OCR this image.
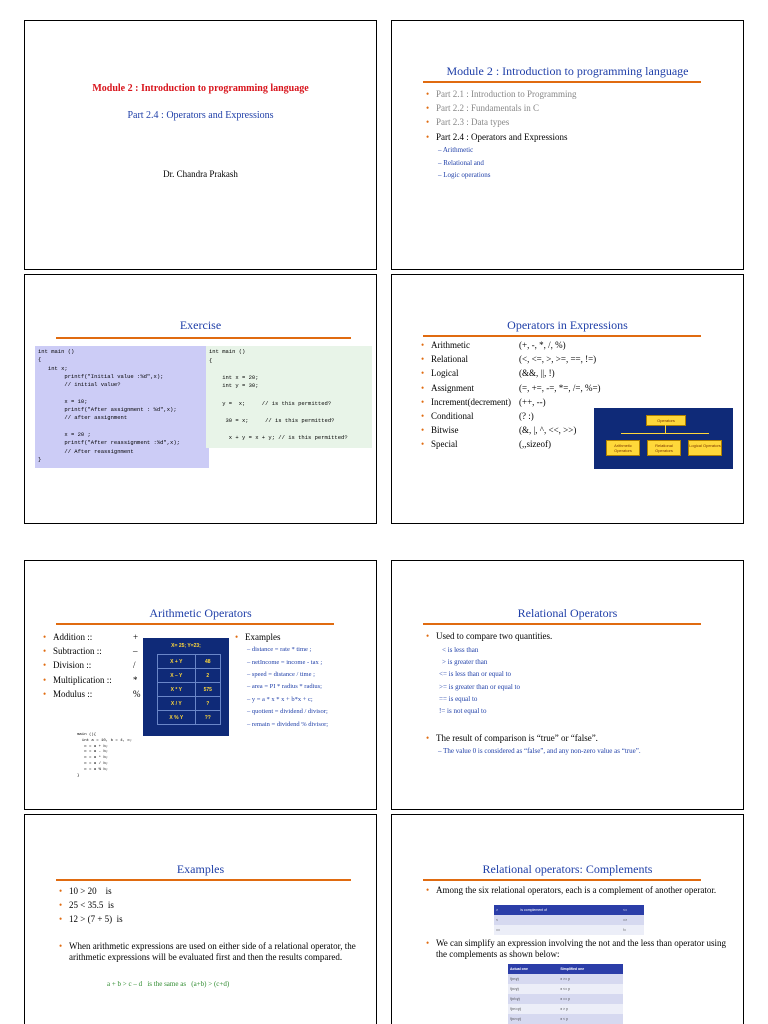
Module 2 : Introduction to programming language
Part 2.4 : Operators and Expressions
Dr. Chandra Prakash
Module 2 : Introduction to programming language
• Part 2.1 : Introduction to Programming
• Part 2.2 : Fundamentals in C
• Part 2.3 : Data types
• Part 2.4 : Operators and Expressions
– Arithmetic
– Relational and
– Logic operations
Exercise
int main ()
{
int x;
printf("Initial value :%d",x);
// initial value?

x = 10;
printf("After assignment : %d",x);
// after assignment

x = 20 ;
printf("After reassignment :%d",x);
// After reassignment
}
int main ()
{

int x = 20;
int y = 30;

y =  x;     // is this permitted?

30 = x;     // is this permitted?

x + y = x + y; // is this permitted?
Operators in Expressions
• Arithmetic	(+, -, *, /, %)
• Relational	(<, <=, >, >=, ==, !=)
• Logical	(&&, ||, !)
• Assignment	(=, +=, -=, *=, /=, %=)
• Increment(decrement) (++, --)
• Conditional	(? :)
• Bitwise	(&, |, ^, <<, >>)
• Special	(,,sizeof)
Operators
Arithmetic Operators
Relational Operators
Logical Operators
Arithmetic Operators
• Addition ::	+
• Subtraction ::	–
• Division ::	/
• Multiplication :: *
• Modulus ::	%
X= 25; Y=23;
X + Y	48
X – Y	2
X * Y	575
X / Y	?
X % Y	??
• Examples
– distance = rate * time ;
– netIncome = income - tax ;
– speed = distance / time ;
– area = PI * radius * radius;
– y = a * x * x + b*x + c;
– quotient = dividend / divisor;
– remain = dividend % divisor;
main (){
int a = 10, b = 4, c;
c = a + b;
c = a - b;
c = a * b;
c = a / b;
c = a % b;
}
Relational Operators
• Used to compare two quantities.
< is less than
> is greater than
<= is less than or equal to
>= is greater than or equal to
== is equal to
!= is not equal to
• The result of comparison is “true” or “false”.
– The value 0 is considered as “false”, and any non-zero value as “true”.
Examples
• 10 > 20    is
• 25 < 35.5  is
• 12 > (7 + 5)  is
• When arithmetic expressions are used on either side of a relational operator, the arithmetic expressions will be evaluated first and then the results compared.
a + b > c – d   is the same as   (a+b) > (c+d)
Relational operators: Complements
• Among the six relational operators, each is a complement of another operator.
>	is complement of	<=
<		=>
==		!=
• We can simplify an expression involving the not and the less than operator using the complements as shown below:
Actual one	Simplified one
!(x<y)	x >= y
!(x>y)	x <= y
!(x!=y)	x == y
!(x<=y)	x > y
!(x>=y)	x < y
